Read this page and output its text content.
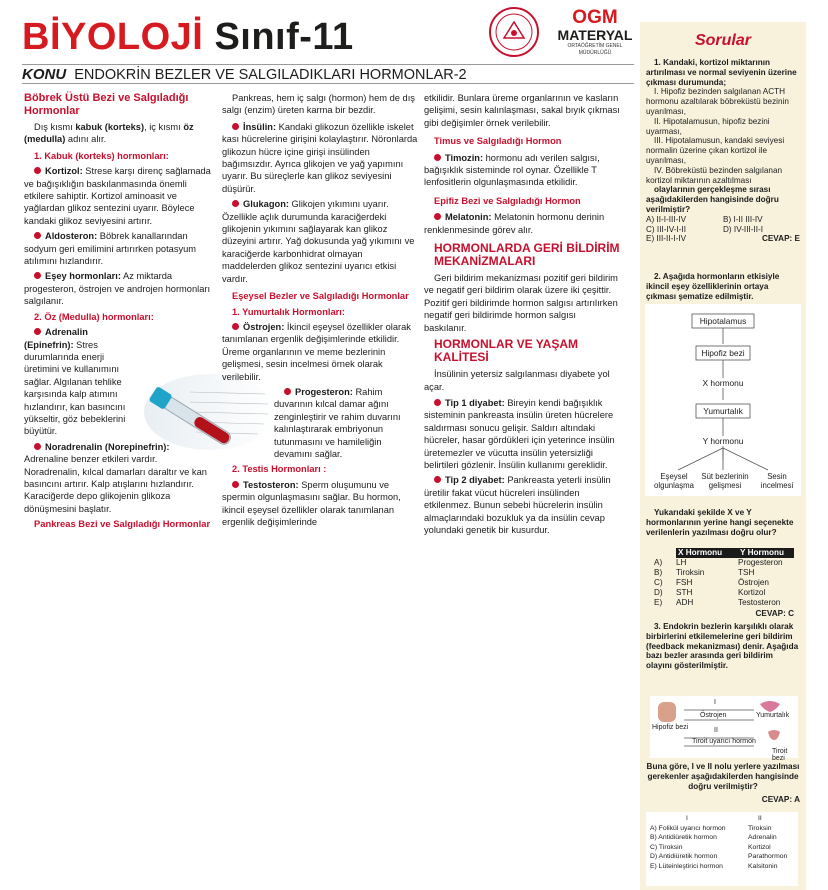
BİYOLOJİ Sınıf-11	OGM
MATERYAL
ORTAÖĞRETİM GENEL MÜDÜRLÜĞÜ
KONU ENDOKRİN BEZLER VE SALGILADIKLARI HORMONLAR-2
Böbrek Üstü Bezi ve Salgıladığı Hormonlar
Dış kısmı kabuk (korteks), iç kısmı öz (medulla) adını alır.
1. Kabuk (korteks) hormonları:
Kortizol: Strese karşı direnç sağlamada ve bağışıklığın baskılanmasında önemli etkilere sahiptir. Kortizol aminoasit ve yağlardan glikoz sentezini uyarır. Böylece kandaki glikoz seviyesini artırır.
Aldosteron: Böbrek kanallarından sodyum geri emilimini artırırken potasyum atılımını hızlandırır.
Eşey hormonları: Az miktarda progesteron, östrojen ve androjen hormonları salgılanır.
2. Öz (Medulla) hormonları:
Adrenalin (Epinefrin): Stres durumlarında enerji üretimini ve kullanımını sağlar. Algılanan tehlike karşısında kalp atımını hızlandırır, kan basıncını yükseltir, göz bebeklerini büyütür.
Noradrenalin (Norepinefrin): Adrenaline benzer etkileri vardır. Noradrenalin, kılcal damarları daraltır ve kan basıncını artırır. Kalp atışlarını hızlandırır. Karaciğerde depo glikojenin glikoza dönüşmesini başlatır.
Pankreas Bezi ve Salgıladığı Hormonlar
Pankreas, hem iç salgı (hormon) hem de dış salgı (enzim) üreten karma bir bezdir.
İnsülin: Kandaki glikozun özellikle iskelet kası hücrelerine girişini kolaylaştırır. Nöronlarda glikozun hücre içine girişi insülinden bağımsızdır. Ayrıca glikojen ve yağ yapımını uyarır. Bu süreçlerle kan glikoz seviyesini düşürür.
Glukagon: Glikojen yıkımını uyarır. Özellikle açlık durumunda karaciğerdeki glikojenin yıkımını sağlayarak kan glikoz düzeyini artırır. Yağ dokusunda yağ yıkımını ve karaciğerde karbonhidrat olmayan maddelerden glikoz sentezini uyarıcı etkisi vardır.
Eşeysel Bezler ve Salgıladığı Hormonlar
1. Yumurtalık Hormonları:
Östrojen: İkincil eşeysel özellikler olarak tanımlanan ergenlik değişimlerinde etkilidir. Üreme organlarının ve meme bezlerinin gelişmesi, sesin incelmesi örnek olarak verilebilir.
Progesteron: Rahim duvarının kılcal damar ağını zenginleştirir ve rahim duvarını kalınlaştırarak embriyonun tutunmasını ve hamileliğin devamını sağlar.
2. Testis Hormonları :
Testosteron: Sperm oluşumunu ve spermin olgunlaşmasını sağlar. Bu hormon, ikincil eşeysel özellikler olarak tanımlanan ergenlik değişimlerinde
etkilidir. Bunlara üreme organlarının ve kasların gelişimi, sesin kalınlaşması, sakal bıyık çıkması gibi değişimler örnek verilebilir.
Timus ve Salgıladığı Hormon
Timozin: hormonu adı verilen salgısı, bağışıklık sisteminde rol oynar. Özellikle T lenfositlerin olgunlaşmasında etkilidir.
Epifiz Bezi ve Salgıladığı Hormon
Melatonin: Melatonin hormonu derinin renklenmesinde görev alır.
HORMONLARDA GERİ BİLDİRİM MEKANİZMALARI
Geri bildirim mekanizması pozitif geri bildirim ve negatif geri bildirim olarak üzere iki çeşittir. Pozitif geri bildirimde hormon salgısı artırılırken negatif geri bildirimde hormon salgısı baskılanır.
HORMONLAR VE YAŞAM KALİTESİ
İnsülinin yetersiz salgılanması diyabete yol açar.
Tip 1 diyabet: Bireyin kendi bağışıklık sisteminin pankreasta insülin üreten hücrelere saldırması sonucu gelişir. Saldırı altındaki hücreler, hasar gördükleri için yeterince insülin üretemezler ve vücutta insülin yetersizliği belirtileri gözlenir. İnsülin kullanımı gereklidir.
Tip 2 diyabet: Pankreasta yeterli insülin üretilir fakat vücut hücreleri insülinden etkilenmez. Bunun sebebi hücrelerin insülin almaçlarındaki bozukluk ya da insülin cevap yolundaki genetik bir kusurdur.
Sorular
1. Kandaki, kortizol miktarının artırılması ve normal seviyenin üzerine çıkması durumunda;
I. Hipofiz bezinden salgılanan ACTH hormonu azaltılarak böbreküstü bezinin uyarılması,
II. Hipotalamusun, hipofiz bezini uyarması,
III. Hipotalamusun, kandaki seviyesi normalin üzerine çıkan kortizol ile uyarılması,
IV. Böbreküstü bezinden salgılanan kortizol miktarının azaltılması
olaylarının gerçekleşme sırası aşağıdakilerden hangisinde doğru verilmiştir?
A) II-I-III-IV	B) I-II III-IV
C) III-IV-I-II	D) IV-III-II-I
E) III-II-I-IV	CEVAP: E
2. Aşağıda hormonların etkisiyle ikincil eşey özelliklerinin ortaya çıkması şematize edilmiştir.
Hipotalamus
Hipofiz bezi
X hormonu
Yumurtalık
Y hormonu
Eşeysel
olgunlaşma
Süt bezlerinin
gelişmesi
Sesin
incelmesi
Yukarıdaki şekilde X ve Y hormonlarının yerine hangi seçenekte verilenlerin yazılması doğru olur?
X Hormonu	Y Hormonu
A)	LH	Progesteron
B)	Tiroksin	TSH
C)	FSH	Östrojen
D)	STH	Kortizol
E)	ADH	Testosteron
CEVAP: C
3. Endokrin bezlerin karşılıklı olarak birbirlerini etkilemelerine geri bildirim (feedback mekanizması) denir. Aşağıda bazı bezler arasında geri bildirim olayını gösterilmiştir.
I
Östrojen	Yumurtalık
Hipofiz bezi	II
Tiroit uyarıcı hormon
Tiroit bezi
Buna göre, I ve II nolu yerlere yazılması gerekenler aşağıdakilerden hangisinde doğru verilmiştir?
CEVAP: A
I	II
A) Folikül uyarıcı hormon	Tiroksin
B) Antidiüretik hormon	Adrenalin
C) Tiroksin	Kortizol
D) Antidiüretik hormon	Parathormon
E) Lüteinleştirici hormon	Kalsitonin
